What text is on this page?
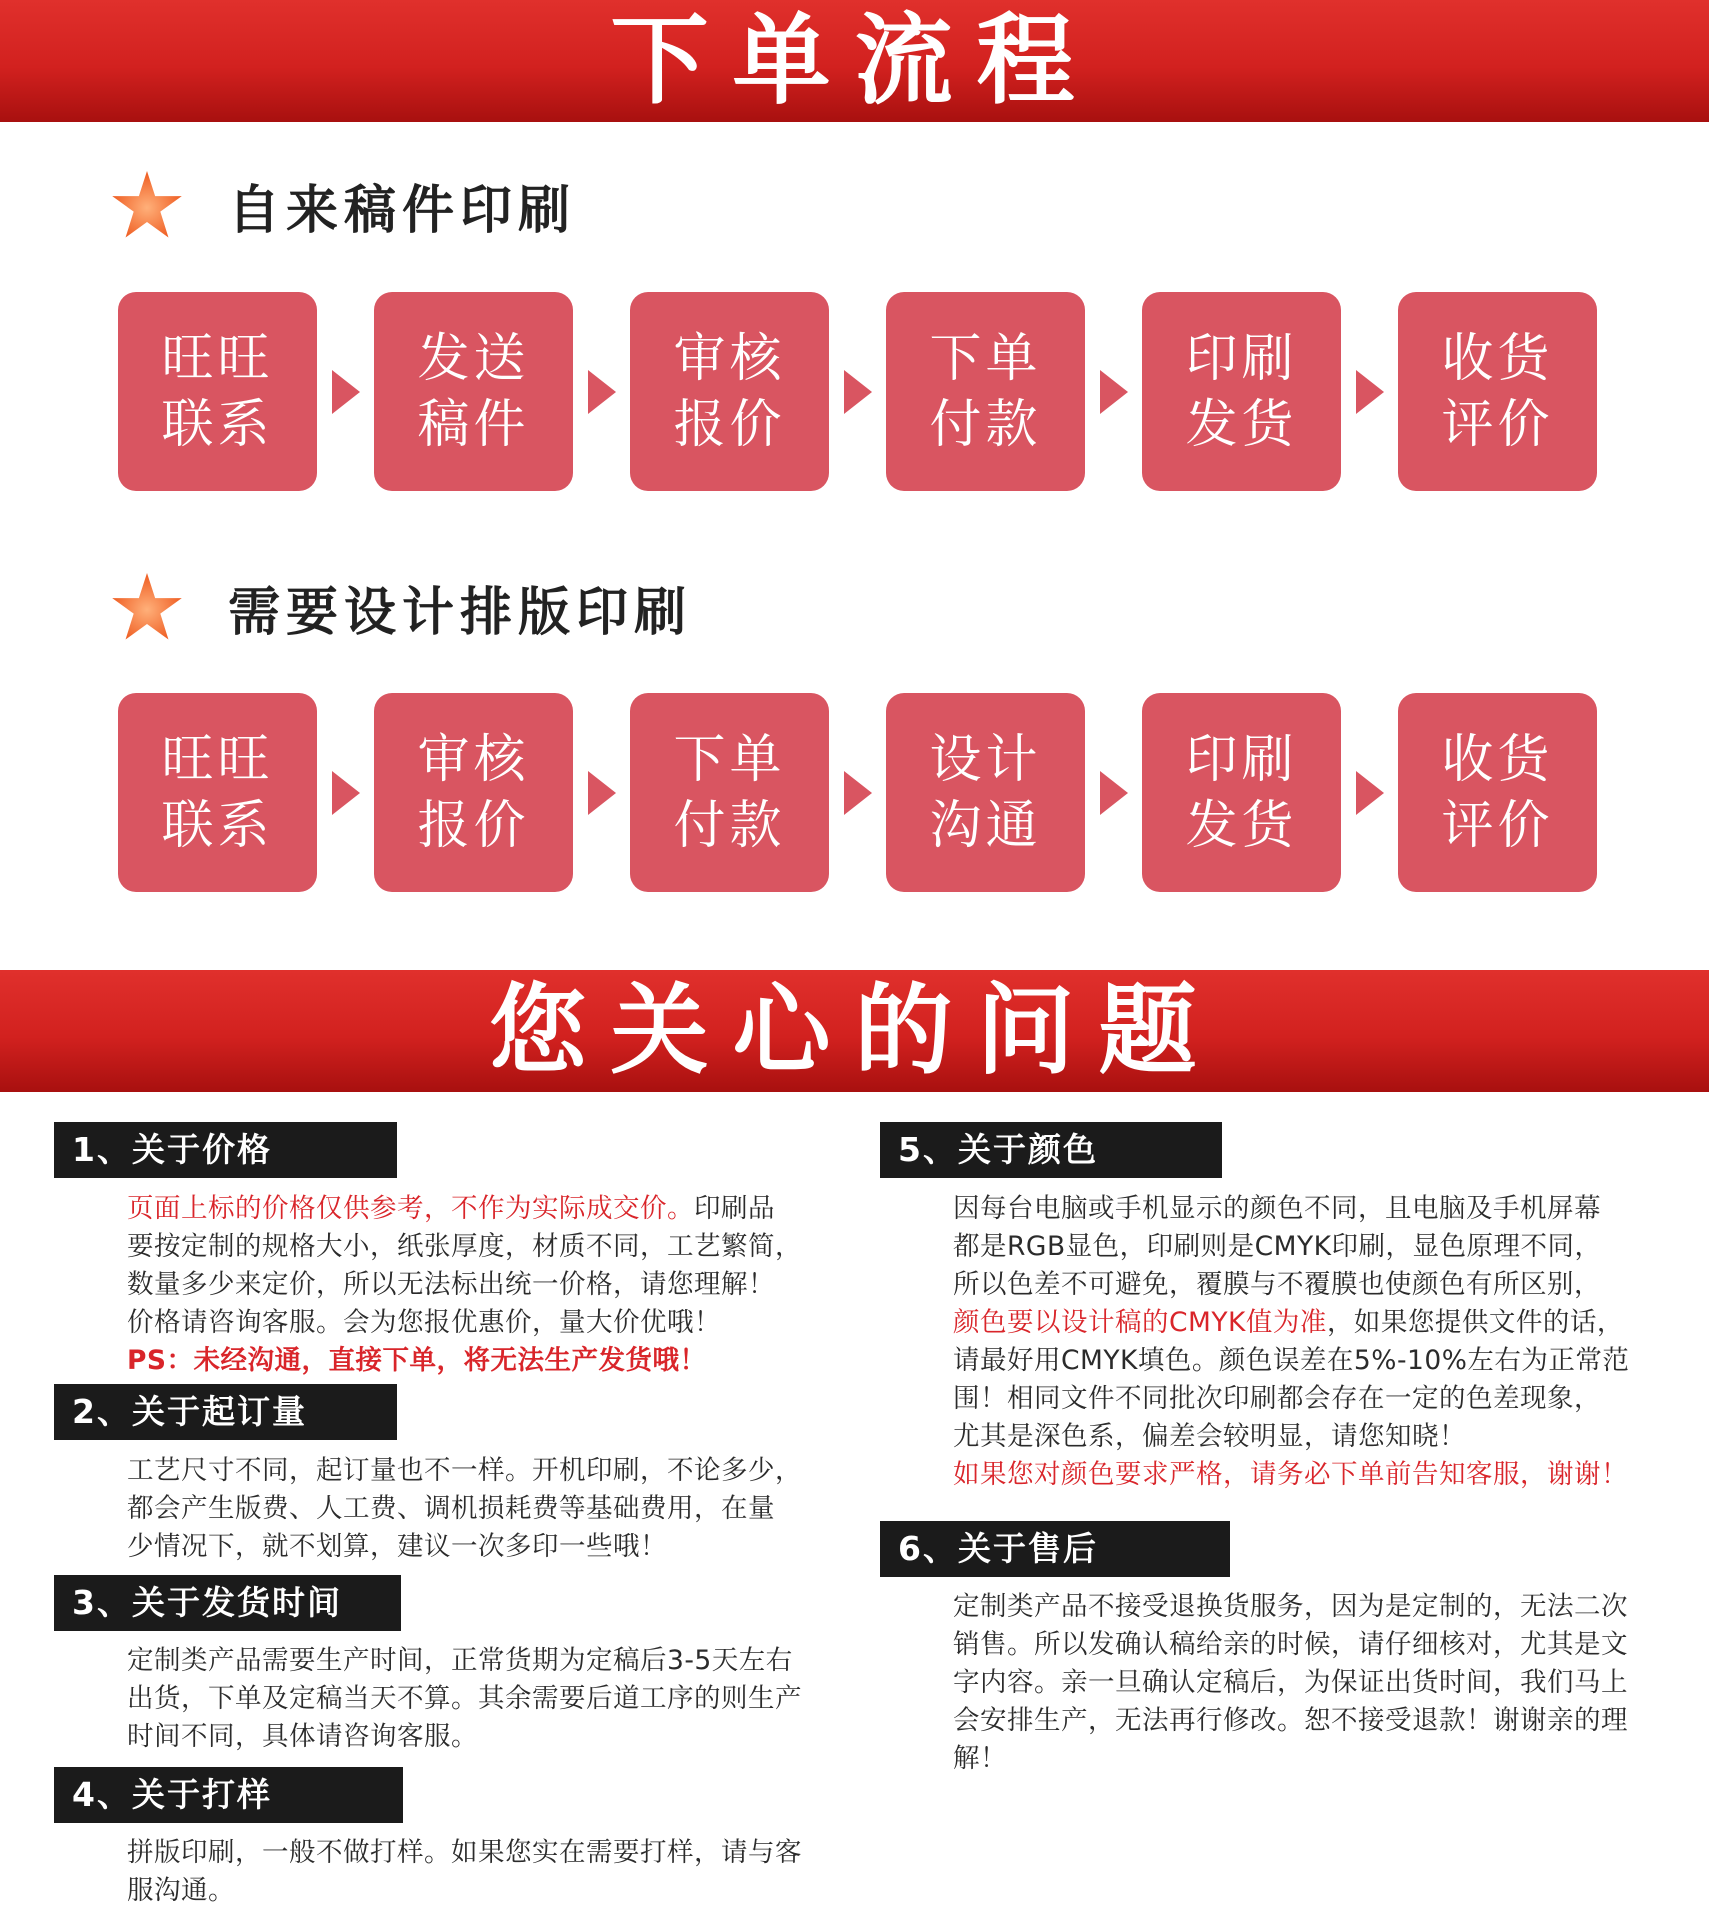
下单流程
自来稿件印刷
旺旺
联系
发送
稿件
审核
报价
下单
付款
印刷
发货
收货
评价
需要设计排版印刷
旺旺
联系
审核
报价
下单
付款
设计
沟通
印刷
发货
收货
评价
您关心的问题
1、关于价格
页面上标的价格仅供参考，不作为实际成交价。印刷品
要按定制的规格大小，纸张厚度，材质不同，工艺繁简，
数量多少来定价，所以无法标出统一价格，请您理解！
价格请咨询客服。会为您报优惠价，量大价优哦！
PS：未经沟通，直接下单，将无法生产发货哦！
2、关于起订量
工艺尺寸不同，起订量也不一样。开机印刷，不论多少，
都会产生版费、人工费、调机损耗费等基础费用，在量
少情况下，就不划算，建议一次多印一些哦！
3、关于发货时间
定制类产品需要生产时间，正常货期为定稿后3-5天左右
出货，下单及定稿当天不算。其余需要后道工序的则生产
时间不同，具体请咨询客服。
4、关于打样
拼版印刷，一般不做打样。如果您实在需要打样，请与客
服沟通。
5、关于颜色
因每台电脑或手机显示的颜色不同，且电脑及手机屏幕
都是RGB显色，印刷则是CMYK印刷，显色原理不同，
所以色差不可避免，覆膜与不覆膜也使颜色有所区别，
颜色要以设计稿的CMYK值为准，如果您提供文件的话，
请最好用CMYK填色。颜色误差在5%-10%左右为正常范
围！相同文件不同批次印刷都会存在一定的色差现象，
尤其是深色系，偏差会较明显，请您知晓！
如果您对颜色要求严格，请务必下单前告知客服，谢谢！
6、关于售后
定制类产品不接受退换货服务，因为是定制的，无法二次
销售。所以发确认稿给亲的时候，请仔细核对，尤其是文
字内容。亲一旦确认定稿后，为保证出货时间，我们马上
会安排生产，无法再行修改。恕不接受退款！谢谢亲的理
解！
